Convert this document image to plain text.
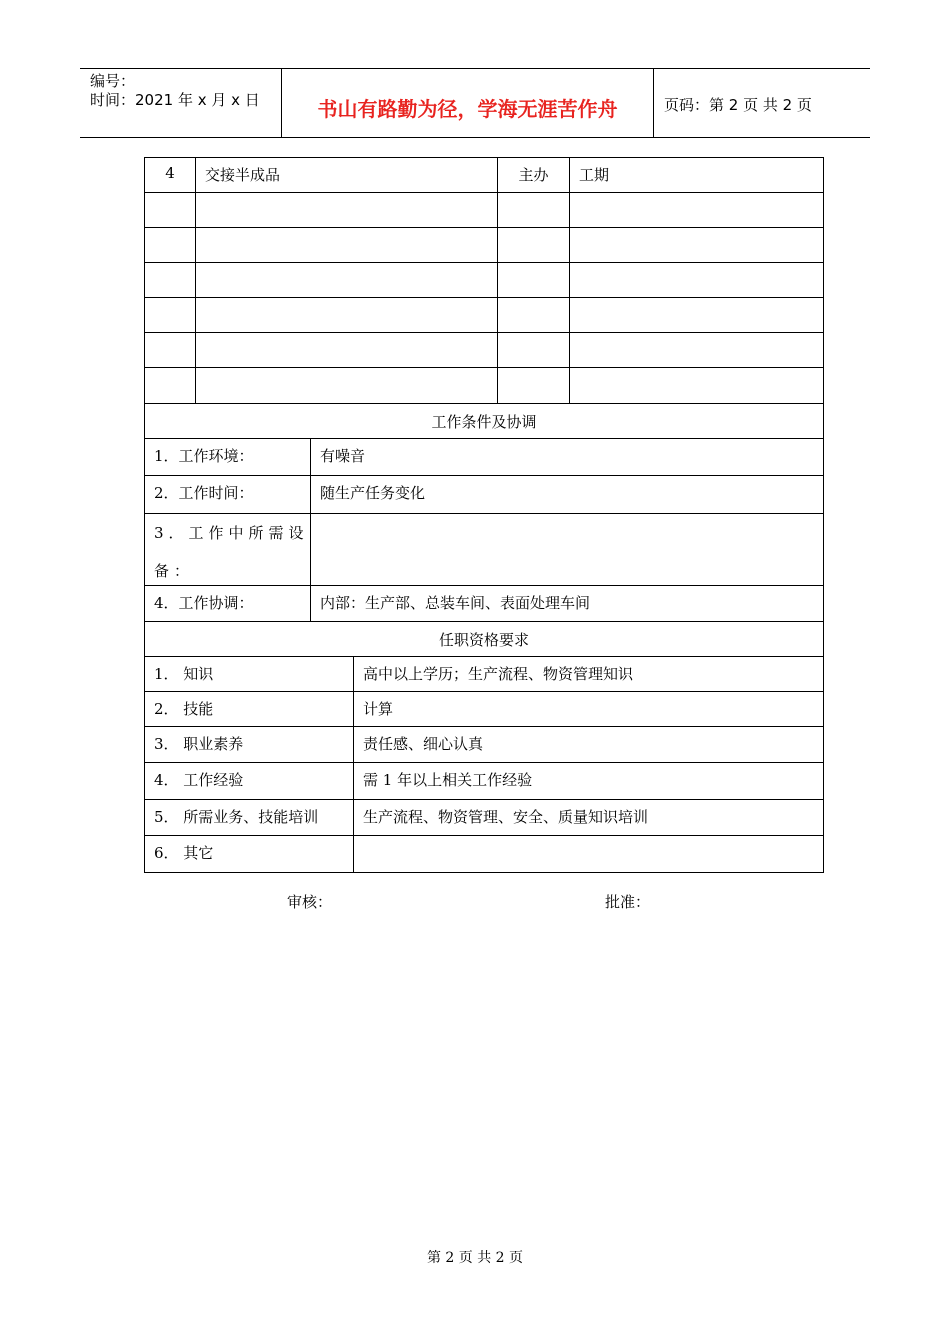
编号：
时间：2021 年 x 月 x 日	书山有路勤为径，学海无涯苦作舟	页码：第 2 页 共 2 页
4	交接半成品	主办	工期
工作条件及协调
1．工作环境：	有噪音
2．工作时间：	随生产任务变化
3．工作中所需设备：
4．工作协调：	内部：生产部、总装车间、表面处理车间
任职资格要求
1． 知识	高中以上学历；生产流程、物资管理知识
2． 技能	计算
3． 职业素养	责任感、细心认真
4． 工作经验	需 1 年以上相关工作经验
5． 所需业务、技能培训	生产流程、物资管理、安全、质量知识培训
6． 其它
审核：	批准：
第 2 页 共 2 页
